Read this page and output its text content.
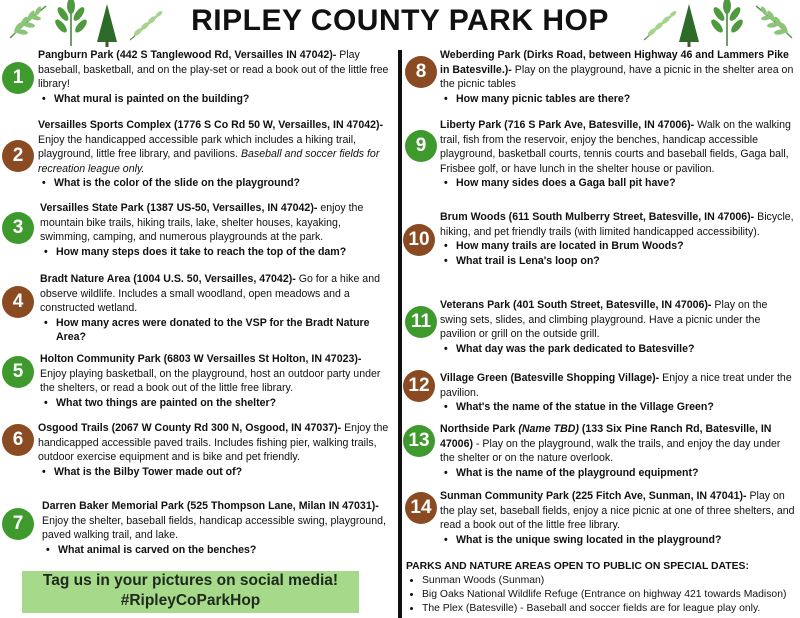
RIPLEY COUNTY PARK HOP
1
Pangburn Park (442 S Tanglewood Rd, Versailles IN 47042)- Play baseball, basketball, and on the play-set or read a book out of the little free library!
• What mural is painted on the building?
2
Versailles Sports Complex (1776 S Co Rd 50 W, Versailles, IN 47042)- Enjoy the handicapped accessible park which includes a hiking trail, playground, little free library, and pavilions. Baseball and soccer fields for recreation league only.
• What is the color of the slide on the playground?
3
Versailles State Park (1387 US-50, Versailles, IN 47042)- enjoy the mountain bike trails, hiking trails, lake, shelter houses, kayaking, swimming, camping, and numerous playgrounds at the park.
• How many steps does it take to reach the top of the dam?
4
Bradt Nature Area (1004 U.S. 50, Versailles, 47042)- Go for a hike and observe wildlife. Includes a small woodland, open meadows and a constructed wetland.
• How many acres were donated to the VSP for the Bradt Nature Area?
5
Holton Community Park (6803 W Versailles St Holton, IN 47023)- Enjoy playing basketball, on the playground, host an outdoor party under the shelters, or read a book out of the little free library.
• What two things are painted on the shelter?
6
Osgood Trails (2067 W County Rd 300 N, Osgood, IN 47037)- Enjoy the handicapped accessible paved trails. Includes fishing pier, walking trails, outdoor exercise equipment and is bike and pet friendly.
• What is the Bilby Tower made out of?
7
Darren Baker Memorial Park (525 Thompson Lane, Milan IN 47031)- Enjoy the shelter, baseball fields, handicap accessible swing, playground, paved walking trail, and lake.
• What animal is carved on the benches?
Tag us in your pictures on social media!
#RipleyCoParkHop
8
Weberding Park (Dirks Road, between Highway 46 and Lammers Pike in Batesville.)- Play on the playground, have a picnic in the shelter area on the picnic tables
• How many picnic tables are there?
9
Liberty Park (716 S Park Ave, Batesville, IN 47006)- Walk on the walking trail, fish from the reservoir, enjoy the benches, handicap accessible playground, basketball courts, tennis courts and baseball fields, Gaga ball, Frisbee golf, or have lunch in the shelter house or pavilion.
• How many sides does a Gaga ball pit have?
10
Brum Woods (611 South Mulberry Street, Batesville, IN 47006)- Bicycle, hiking, and pet friendly trails (with limited handicapped accessibility).
• How many trails are located in Brum Woods?
• What trail is Lena's loop on?
11
Veterans Park (401 South Street, Batesville, IN 47006)- Play on the swing sets, slides, and climbing playground. Have a picnic under the pavilion or grill on the outside grill.
• What day was the park dedicated to Batesville?
12 Village Green (Batesville Shopping Village)- Enjoy a nice treat under the pavilion.
• What's the name of the statue in the Village Green?
13
Northside Park (Name TBD) (133 Six Pine Ranch Rd, Batesville, IN 47006) - Play on the playground, walk the trails, and enjoy the day under the shelter or on the nature overlook.
• What is the name of the playground equipment?
14
Sunman Community Park (225 Fitch Ave, Sunman, IN 47041)- Play on the play set, baseball fields, enjoy a nice picnic at one of three shelters, and read a book out of the little free library.
• What is the unique swing located in the playground?
PARKS AND NATURE AREAS OPEN TO PUBLIC ON SPECIAL DATES:
• Sunman Woods (Sunman)
• Big Oaks National Wildlife Refuge (Entrance on highway 421 towards Madison)
• The Plex (Batesville) - Baseball and soccer fields are for league play only.
